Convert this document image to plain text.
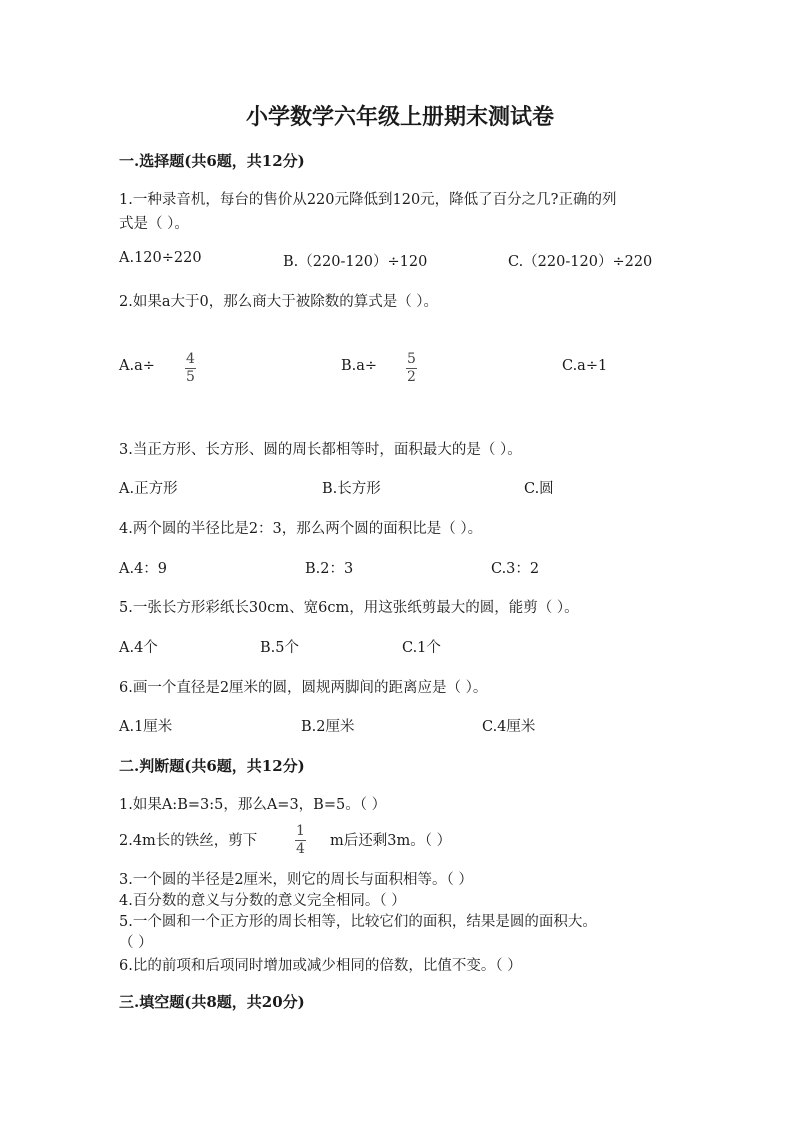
小学数学六年级上册期末测试卷
一.选择题(共6题，共12分)
1.一种录音机，每台的售价从220元降低到120元，降低了百分之几?正确的列
式是（ ）。
A.120÷220	B.（220-120）÷120	C.（220-120）÷220
2.如果a大于0，那么商大于被除数的算式是（ ）。
A.a÷ 4
5
B.a÷ 5
2
C.a÷1
3.当正方形、长方形、圆的周长都相等时，面积最大的是（ ）。
A.正方形	B.长方形	C.圆
4.两个圆的半径比是2：3，那么两个圆的面积比是（ ）。
A.4：9	B.2：3	C.3：2
5.一张长方形彩纸长30cm、宽6cm，用这张纸剪最大的圆，能剪（ ）。
A.4个	B.5个	C.1个
6.画一个直径是2厘米的圆，圆规两脚间的距离应是（ ）。
A.1厘米	B.2厘米	C.4厘米
二.判断题(共6题，共12分)
1.如果A:B=3:5，那么A=3，B=5。（ ）
2.4m长的铁丝，剪下
1
4 m后还剩3m。（ ）
3.一个圆的半径是2厘米，则它的周长与面积相等。（ ）
4.百分数的意义与分数的意义完全相同。（ ）
5.一个圆和一个正方形的周长相等，比较它们的面积，结果是圆的面积大。
（ ）
6.比的前项和后项同时增加或减少相同的倍数，比值不变。（ ）
三.填空题(共8题，共20分)
